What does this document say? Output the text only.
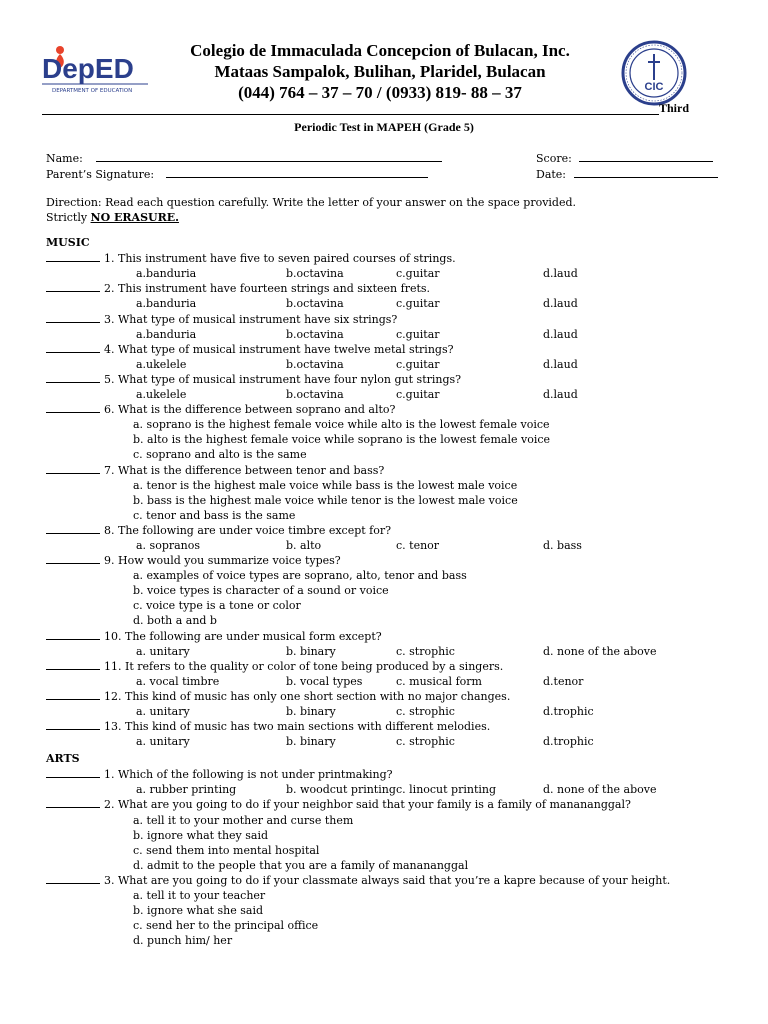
DepED
DEPARTMENT OF EDUCATION
Colegio de Immaculada Concepcion of Bulacan, Inc.
Mataas Sampalok, Bulihan, Plaridel, Bulacan
(044) 764 – 37 – 70 / (0933) 819- 88 – 37	CIC
Third
Periodic Test in MAPEH (Grade 5)
Name:	Score:
Parent’s Signature:	Date:
Direction: Read each question carefully. Write the letter of your answer on the space provided.
Strictly NO ERASURE.
MUSIC
1. This instrument have five to seven paired courses of strings.
a.banduria	b.octavina	c.guitar	d.laud
2. This instrument have fourteen strings and sixteen frets.
a.banduria	b.octavina	c.guitar	d.laud
3. What type of musical instrument have six strings?
a.banduria	b.octavina	c.guitar	d.laud
4. What type of musical instrument have twelve metal strings?
a.ukelele	b.octavina	c.guitar	d.laud
5. What type of musical instrument have four nylon gut strings?
a.ukelele	b.octavina	c.guitar	d.laud
6. What is the difference between soprano and alto?
a. soprano is the highest female voice while alto is the lowest female voice
b. alto is the highest female voice while soprano is the lowest female voice
c. soprano and alto is the same
7. What is the difference between tenor and bass?
a. tenor is the highest male voice while bass is the lowest male voice
b. bass is the highest male voice while tenor is the lowest male voice
c. tenor and bass is the same
8. The following are under voice timbre except for?
a. sopranos	b. alto	c. tenor	d. bass
9. How would you summarize voice types?
a. examples of voice types are soprano, alto, tenor and bass
b. voice types is character of a sound or voice
c. voice type is a tone or color
d. both a and b
10. The following are under musical form except?
a. unitary	b. binary	c. strophic	d. none of the above
11. It refers to the quality or color of tone being produced by a singers.
a. vocal timbre	b. vocal types	c. musical form	d.tenor
12. This kind of music has only one short section with no major changes.
a. unitary	b. binary	c. strophic	d.trophic
13. This kind of music has two main sections with different melodies.
a. unitary	b. binary	c. strophic	d.trophic
ARTS
1. Which of the following is not under printmaking?
a. rubber printing	b. woodcut printing c. linocut printing	d. none of the above
2. What are you going to do if your neighbor said that your family is a family of manananggal?
a. tell it to your mother and curse them
b. ignore what they said
c. send them into mental hospital
d. admit to the people that you are a family of manananggal
3. What are you going to do if your classmate always said that you’re a kapre because of your height.
a. tell it to your teacher
b. ignore what she said
c. send her to the principal office
d. punch him/ her
